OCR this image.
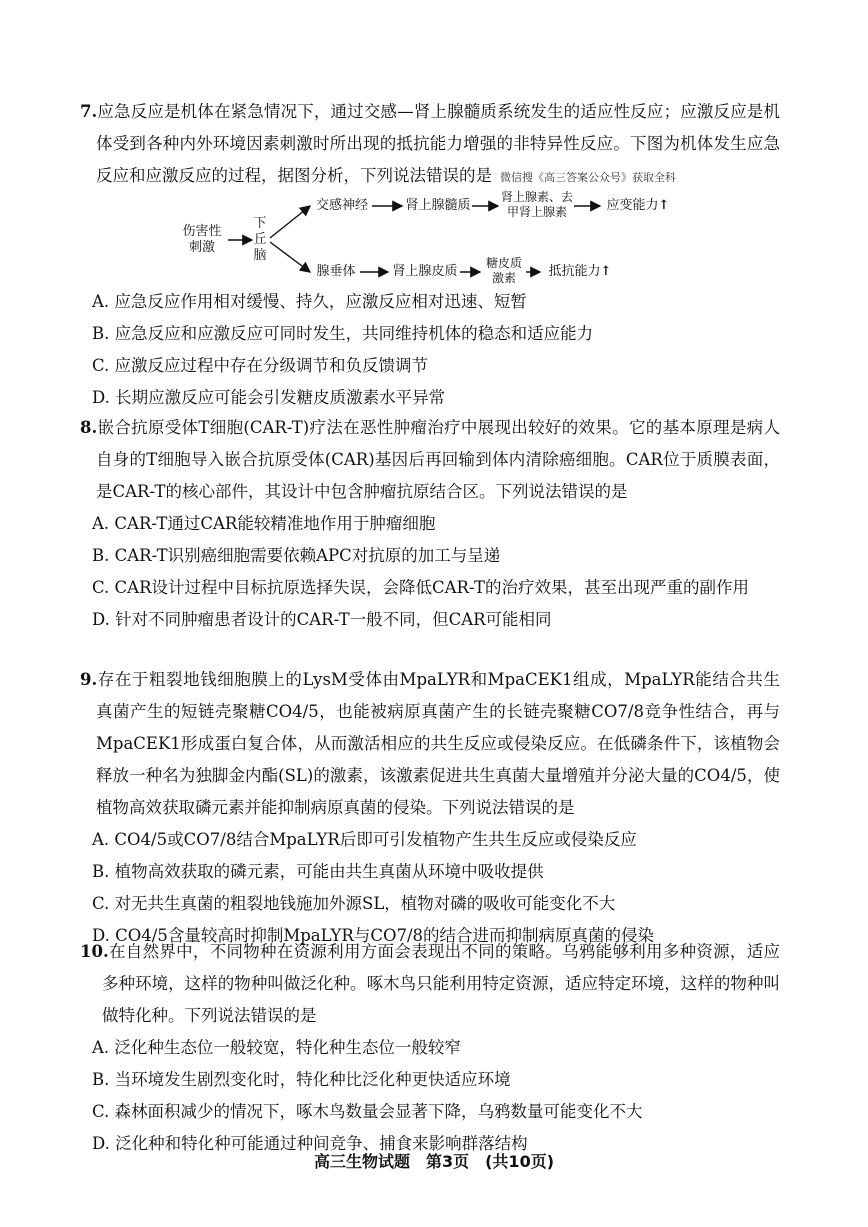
7.应急反应是机体在紧急情况下，通过交感—肾上腺髓质系统发生的适应性反应；应激反应是机体受到各种内外环境因素刺激时所出现的抵抗能力增强的非特异性反应。下图为机体发生应急反应和应激反应的过程，据图分析，下列说法错误的是 微信搜《高三答案公众号》获取全科

伤害性刺激
下丘脑
交感神经	肾上腺髓质
肾上腺素、去甲肾上腺素	应变能力↑
腺垂体	肾上腺皮质
糖皮质激素	抵抗能力↑

A. 应急反应作用相对缓慢、持久，应激反应相对迅速、短暂

B. 应急反应和应激反应可同时发生，共同维持机体的稳态和适应能力

C. 应激反应过程中存在分级调节和负反馈调节

D. 长期应激反应可能会引发糖皮质激素水平异常

8.嵌合抗原受体T细胞(CAR-T)疗法在恶性肿瘤治疗中展现出较好的效果。它的基本原理是病人自身的T细胞导入嵌合抗原受体(CAR)基因后再回输到体内清除癌细胞。CAR位于质膜表面，是CAR-T的核心部件，其设计中包含肿瘤抗原结合区。下列说法错误的是

A. CAR-T通过CAR能较精准地作用于肿瘤细胞

B. CAR-T识别癌细胞需要依赖APC对抗原的加工与呈递

C. CAR设计过程中目标抗原选择失误，会降低CAR-T的治疗效果，甚至出现严重的副作用

D. 针对不同肿瘤患者设计的CAR-T一般不同，但CAR可能相同

9.存在于粗裂地钱细胞膜上的LysM受体由MpaLYR和MpaCEK1组成，MpaLYR能结合共生真菌产生的短链壳聚糖CO4/5，也能被病原真菌产生的长链壳聚糖CO7/8竞争性结合，再与MpaCEK1形成蛋白复合体，从而激活相应的共生反应或侵染反应。在低磷条件下，该植物会释放一种名为独脚金内酯(SL)的激素，该激素促进共生真菌大量增殖并分泌大量的CO4/5，使植物高效获取磷元素并能抑制病原真菌的侵染。下列说法错误的是

A. CO4/5或CO7/8结合MpaLYR后即可引发植物产生共生反应或侵染反应

B. 植物高效获取的磷元素，可能由共生真菌从环境中吸收提供

C. 对无共生真菌的粗裂地钱施加外源SL，植物对磷的吸收可能变化不大

D. CO4/5含量较高时抑制MpaLYR与CO7/8的结合进而抑制病原真菌的侵染

10.在自然界中，不同物种在资源利用方面会表现出不同的策略。乌鸦能够利用多种资源，适应多种环境，这样的物种叫做泛化种。啄木鸟只能利用特定资源，适应特定环境，这样的物种叫做特化种。下列说法错误的是

A. 泛化种生态位一般较宽，特化种生态位一般较窄

B. 当环境发生剧烈变化时，特化种比泛化种更快适应环境

C. 森林面积减少的情况下，啄木鸟数量会显著下降，乌鸦数量可能变化不大

D. 泛化种和特化种可能通过种间竞争、捕食来影响群落结构

高三生物试题　第3页　(共10页)
